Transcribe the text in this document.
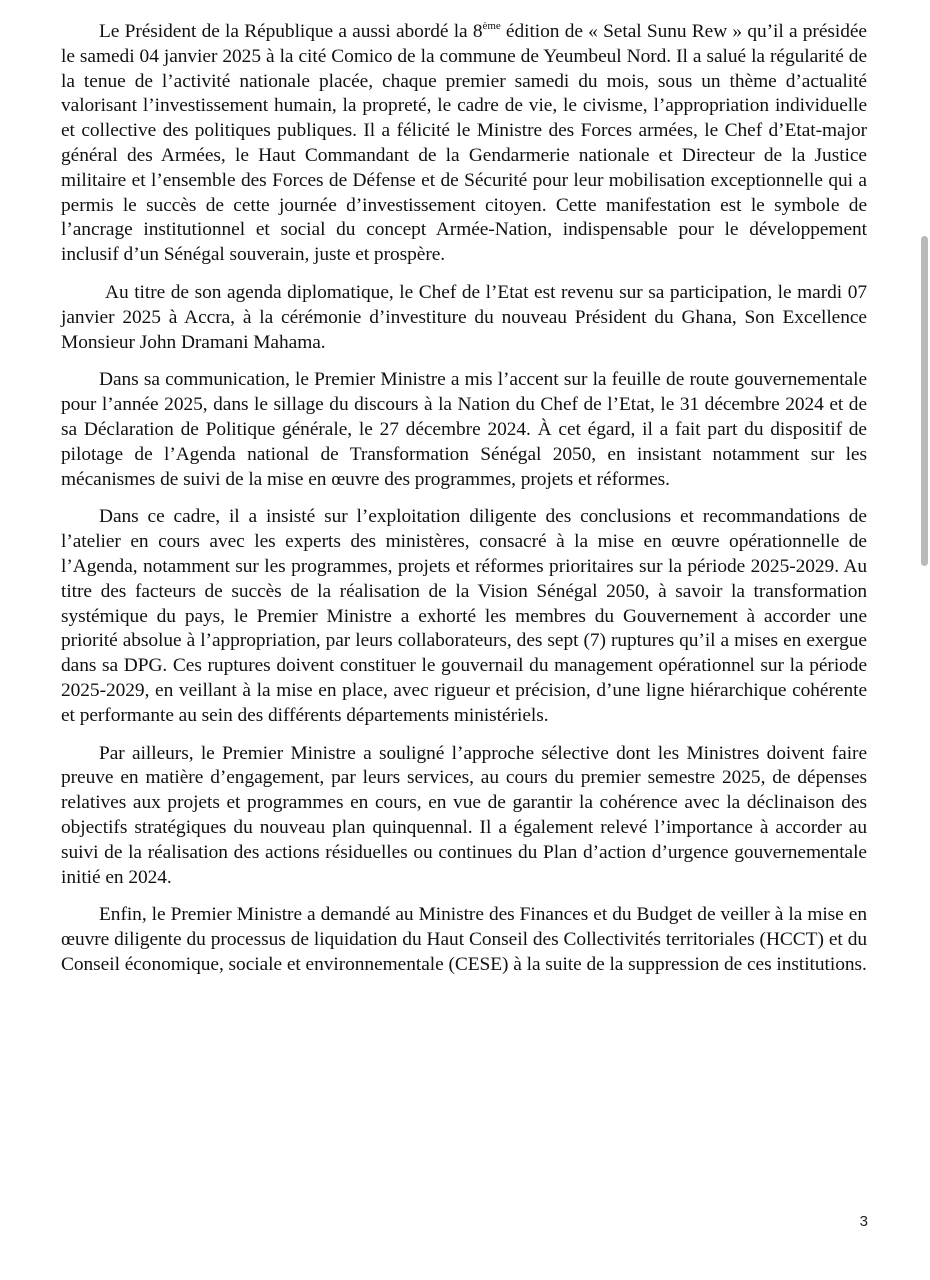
Le Président de la République a aussi abordé la 8ème édition de « Setal Sunu Rew » qu’il a présidée le samedi 04 janvier 2025 à la cité Comico de la commune de Yeumbeul Nord. Il a salué la régularité de la tenue de l’activité nationale placée, chaque premier samedi du mois, sous un thème d’actualité valorisant l’investissement humain, la propreté, le cadre de vie, le civisme, l’appropriation individuelle et collective des politiques publiques. Il a félicité le Ministre des Forces armées, le Chef d’Etat-major général des Armées, le Haut Commandant de la Gendarmerie nationale et Directeur de la Justice militaire et l’ensemble des Forces de Défense et de Sécurité pour leur mobilisation exceptionnelle qui a permis le succès de cette journée d’investissement citoyen. Cette manifestation est le symbole de l’ancrage institutionnel et social du concept Armée-Nation, indispensable pour le développement inclusif d’un Sénégal souverain, juste et prospère.

Au titre de son agenda diplomatique, le Chef de l’Etat est revenu sur sa participation, le mardi 07 janvier 2025 à Accra, à la cérémonie d’investiture du nouveau Président du Ghana, Son Excellence Monsieur John Dramani Mahama.

Dans sa communication, le Premier Ministre a mis l’accent sur la feuille de route gouvernementale pour l’année 2025, dans le sillage du discours à la Nation du Chef de l’Etat, le 31 décembre 2024 et de sa Déclaration de Politique générale, le 27 décembre 2024. À cet égard, il a fait part du dispositif de pilotage de l’Agenda national de Transformation Sénégal 2050, en insistant notamment sur les mécanismes de suivi de la mise en œuvre des programmes, projets et réformes.

Dans ce cadre, il a insisté sur l’exploitation diligente des conclusions et recommandations de l’atelier en cours avec les experts des ministères, consacré à la mise en œuvre opérationnelle de l’Agenda, notamment sur les programmes, projets et réformes prioritaires sur la période 2025-2029. Au titre des facteurs de succès de la réalisation de la Vision Sénégal 2050, à savoir la transformation systémique du pays, le Premier Ministre a exhorté les membres du Gouvernement à accorder une priorité absolue à l’appropriation, par leurs collaborateurs, des sept (7) ruptures qu’il a mises en exergue dans sa DPG. Ces ruptures doivent constituer le gouvernail du management opérationnel sur la période 2025-2029, en veillant à la mise en place, avec rigueur et précision, d’une ligne hiérarchique cohérente et performante au sein des différents départements ministériels.

Par ailleurs, le Premier Ministre a souligné l’approche sélective dont les Ministres doivent faire preuve en matière d’engagement, par leurs services, au cours du premier semestre 2025, de dépenses relatives aux projets et programmes en cours, en vue de garantir la cohérence avec la déclinaison des objectifs stratégiques du nouveau plan quinquennal. Il a également relevé l’importance à accorder au suivi de la réalisation des actions résiduelles ou continues du Plan d’action d’urgence gouvernementale initié en 2024.

Enfin, le Premier Ministre a demandé au Ministre des Finances et du Budget de veiller à la mise en œuvre diligente du processus de liquidation du Haut Conseil des Collectivités territoriales (HCCT) et du Conseil économique, sociale et environnementale (CESE) à la suite de la suppression de ces institutions.

3
